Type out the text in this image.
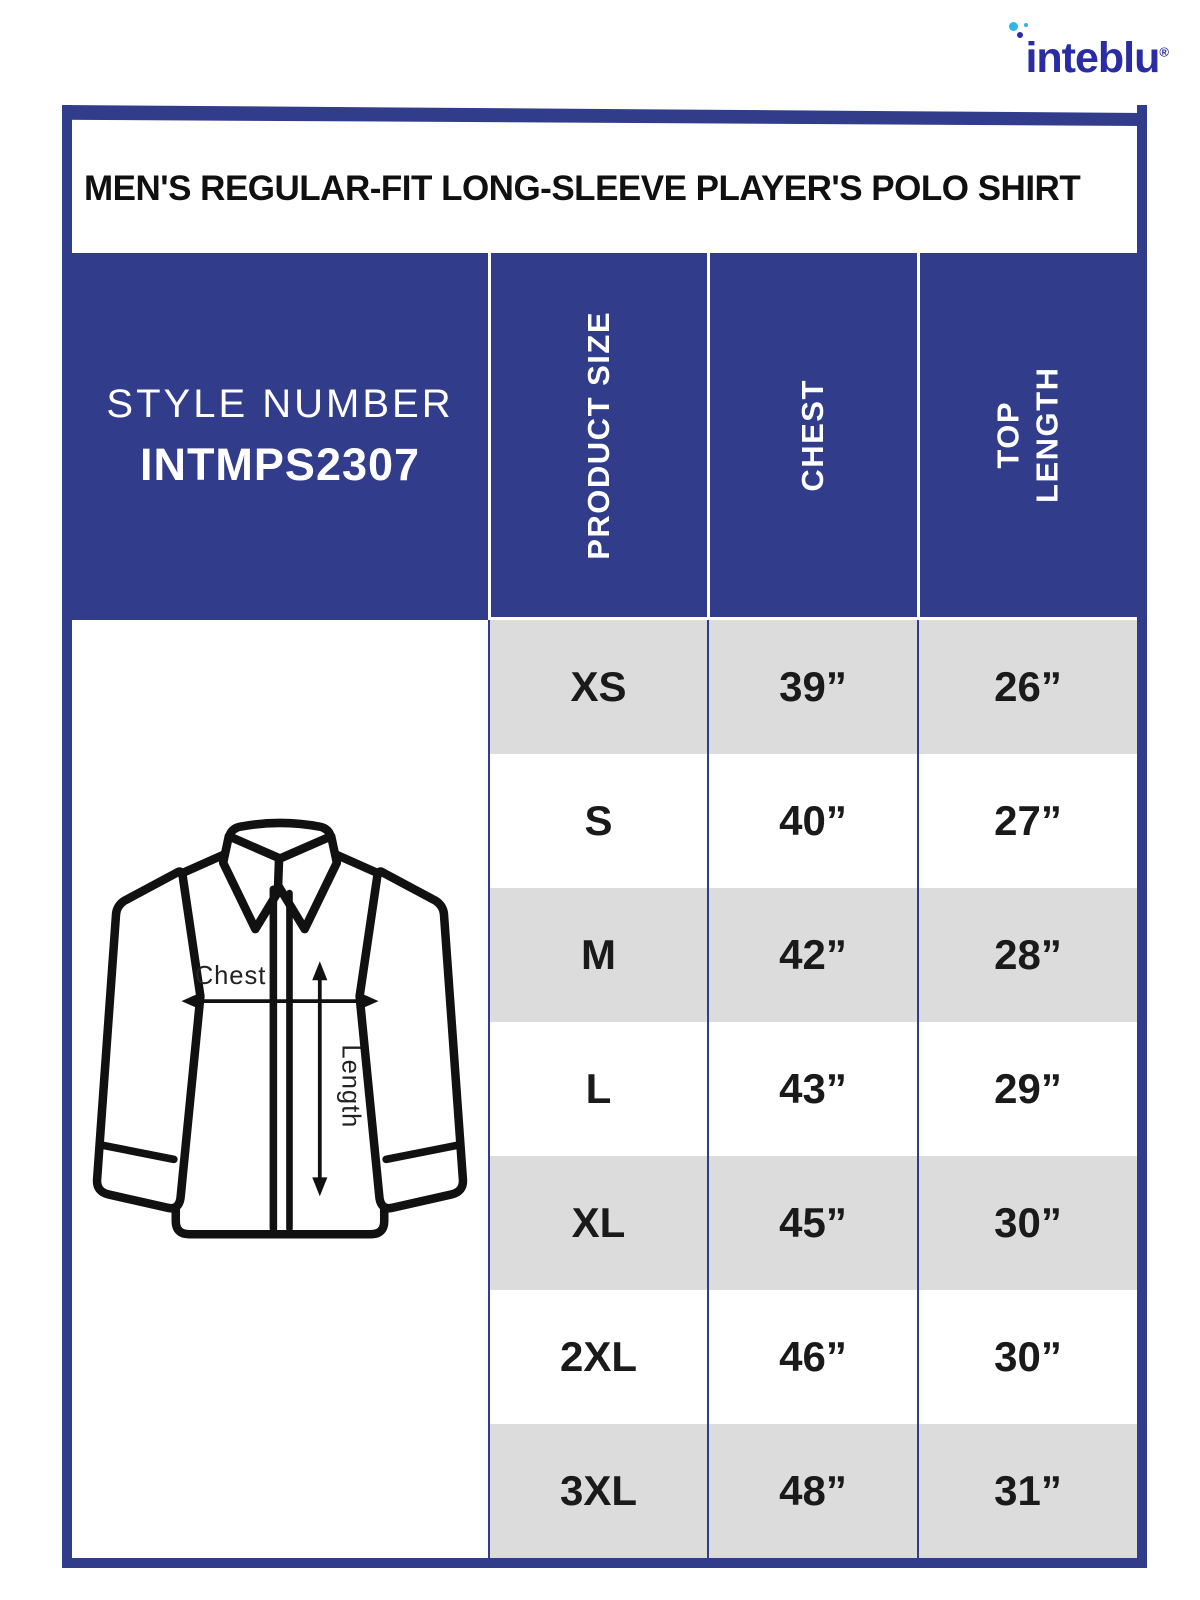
inteblu®
MEN'S REGULAR-FIT LONG-SLEEVE PLAYER'S POLO SHIRT
STYLE NUMBER
INTMPS2307	PRODUCT SIZE	CHEST	TOP LENGTH
Chest
Length
XS	39”	26”
S	40”	27”
M	42”	28”
L	43”	29”
XL	45”	30”
2XL	46”	30”
3XL	48”	31”
